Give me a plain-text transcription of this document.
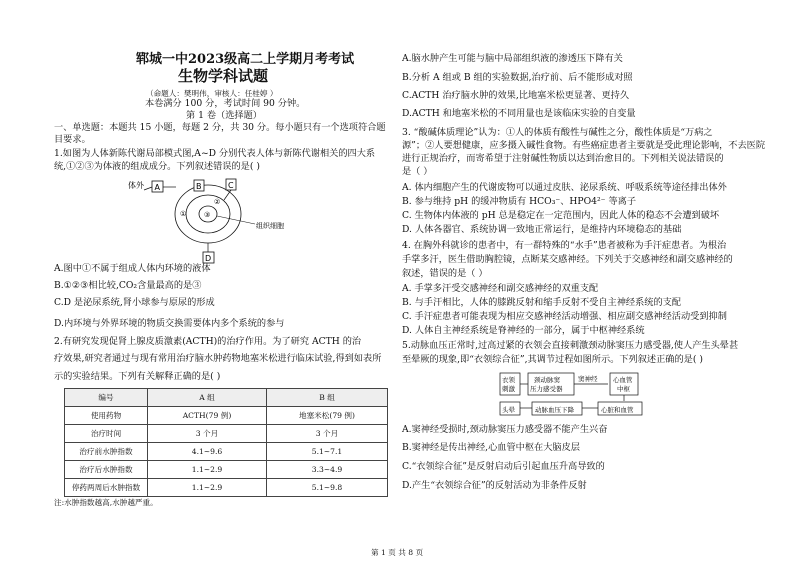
郓城一中2023级高二上学期月考考试
生物学科试题
（命题人：樊明伟，审核人：任桂婷 ）
本卷满分 100 分，考试时间 90 分钟。
第 1 卷（选择题）
一、单选题：本题共 15 小题，每题 2 分，共 30 分。每小题只有一个选项符合题
目要求。
1.如图为人体新陈代谢局部模式图,A~D 分别代表人体与新陈代谢相关的四大系
统,①②③为体液的组成成分。下列叙述错误的是( )
体外 A	B	C
①
②
③
组织细胞
D
A.图中①不属于组成人体内环境的液体
B.①②③相比较,CO₂含量最高的是③
C.D 是泌尿系统,肾小球参与原尿的形成
D.内环境与外界环境的物质交换需要体内多个系统的参与
2.有研究发现促肾上腺皮质激素(ACTH)的治疗作用。为了研究 ACTH 的治
疗效果,研究者通过与现有常用治疗脑水肿药物地塞米松进行临床试验,得到如表所
示的实验结果。下列有关解释正确的是( )
编号	A 组	B 组
使用药物	ACTH(79 例)	地塞米松(79 例)
治疗时间	3 个月	3 个月
治疗前水肿指数	4.1~9.6	5.1~7.1
治疗后水肿指数	1.1~2.9	3.3~4.9
停药两周后水肿指数	1.1~2.9	5.1~9.8
注:水肿指数越高,水肿越严重。
A.脑水肿产生可能与脑中局部组织液的渗透压下降有关
B.分析 A 组或 B 组的实验数据,治疗前、后不能形成对照
C.ACTH 治疗脑水肿的效果,比地塞米松更显著、更持久
D.ACTH 和地塞米松的不同用量也是该临床实验的自变量
3. “酸碱体质理论”认为：①人的体质有酸性与碱性之分，酸性体质是“万病之
源”；②人要想健康，应多摄入碱性食物。有些癌症患者主要就是受此理论影响，不去医院
进行正规治疗，而寄希望于注射碱性物质以达到治愈目的。下列相关说法错误的
是（ ）
A. 体内细胞产生的代谢废物可以通过皮肤、泌尿系统、呼吸系统等途径排出体外
B. 参与维持 pH 的缓冲物质有 HCO₃⁻、HPO4²⁻ 等离子
C. 生物体内体液的 pH 总是稳定在一定范围内，因此人体的稳态不会遭到破坏
D. 人体各器官、系统协调一致地正常运行，是维持内环境稳态的基础
4. 在胸外科就诊的患者中，有一群特殊的“水手”患者被称为手汗症患者。为根治
手掌多汗，医生借助胸腔镜，点断某交感神经。下列关于交感神经和副交感神经的
叙述，错误的是（ ）
A. 手掌多汗受交感神经和副交感神经的双重支配
B. 与手汗相比，人体的膝跳反射和缩手反射不受自主神经系统的支配
C. 手汗症患者可能表现为相应交感神经活动增强、相应副交感神经活动受到抑制
D. 人体自主神经系统是脊神经的一部分，属于中枢神经系统
5.动脉血压正常时,过高过紧的衣领会直接刺激颈动脉窦压力感受器,使人产生头晕甚
至晕厥的现象,即“衣领综合征”,其调节过程如图所示。下列叙述正确的是( )
衣领
刺激
颈动脉窦
压力感受器
窦神经 心血管
中枢
头晕	动脉血压下降	心脏和血管
A.窦神经受损时,颈动脉窦压力感受器不能产生兴奋
B.窦神经是传出神经,心血管中枢在大脑皮层
C.“衣领综合征”是反射启动后引起血压升高导致的
D.产生“衣领综合征”的反射活动为非条件反射
第 1 页 共 8 页
